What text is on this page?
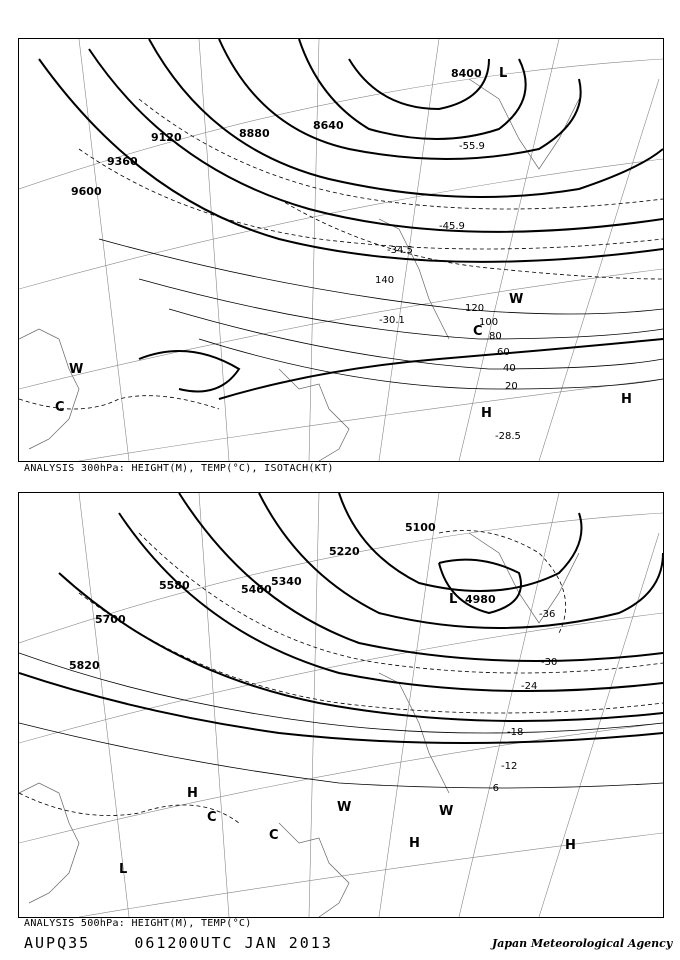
9600
9360
9120	8880
8640
8400
140
120
100
80
60
40
20
-30.1
-34.5
-45.9
-55.9
-28.5
H
H
W
W
C
C
L
ANALYSIS 300hPa: HEIGHT(M), TEMP(°C), ISOTACH(KT)
5820
5700
5580	5460
5340
5220
5100
4980
-36
-30
-24
-18
-12
-6
H	H
H
W	W
C
C
L
L
ANALYSIS 500hPa: HEIGHT(M), TEMP(°C)
AUPQ35	061200UTC JAN 2013	Japan Meteorological Agency
